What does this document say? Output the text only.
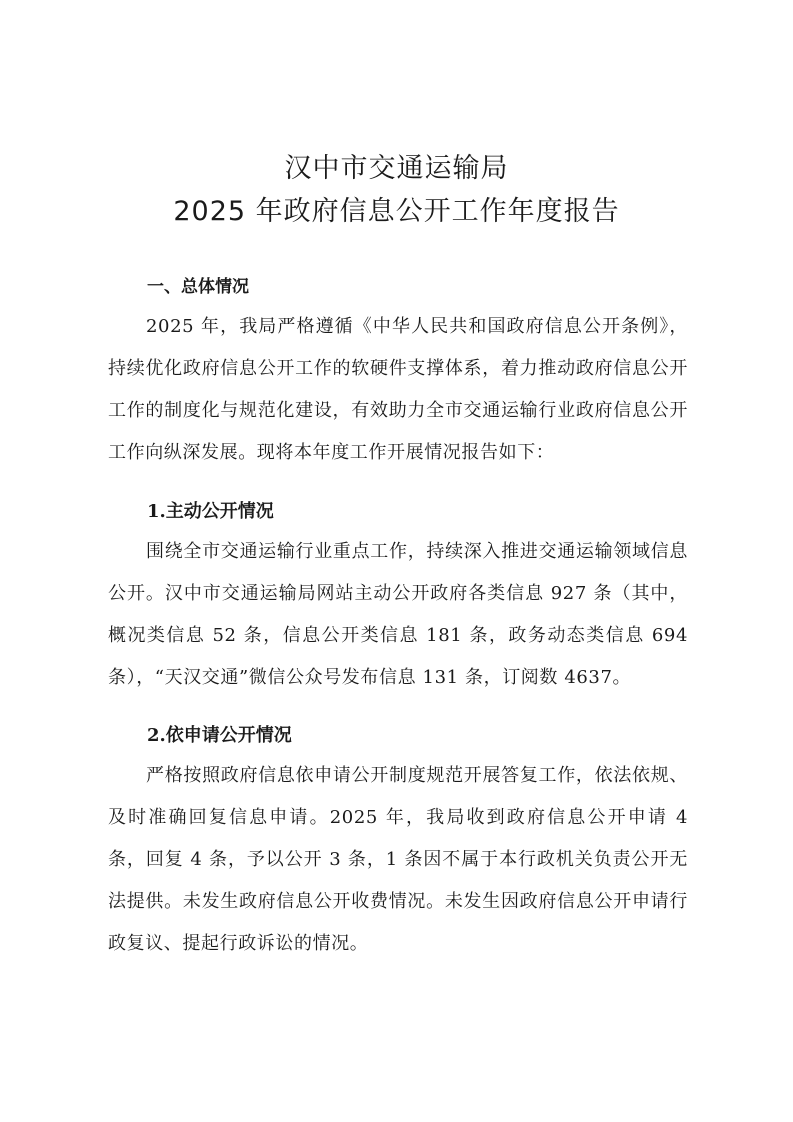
汉中市交通运输局
2025 年政府信息公开工作年度报告
一、总体情况
2025 年，我局严格遵循《中华人民共和国政府信息公开条例》，持续优化政府信息公开工作的软硬件支撑体系，着力推动政府信息公开工作的制度化与规范化建设，有效助力全市交通运输行业政府信息公开工作向纵深发展。现将本年度工作开展情况报告如下：
1.主动公开情况
围绕全市交通运输行业重点工作，持续深入推进交通运输领域信息公开。汉中市交通运输局网站主动公开政府各类信息 927 条（其中，概况类信息 52 条，信息公开类信息 181 条，政务动态类信息 694 条），“天汉交通”微信公众号发布信息 131 条，订阅数 4637。
2.依申请公开情况
严格按照政府信息依申请公开制度规范开展答复工作，依法依规、及时准确回复信息申请。2025 年，我局收到政府信息公开申请 4 条，回复 4 条，予以公开 3 条，1 条因不属于本行政机关负责公开无法提供。未发生政府信息公开收费情况。未发生因政府信息公开申请行政复议、提起行政诉讼的情况。
